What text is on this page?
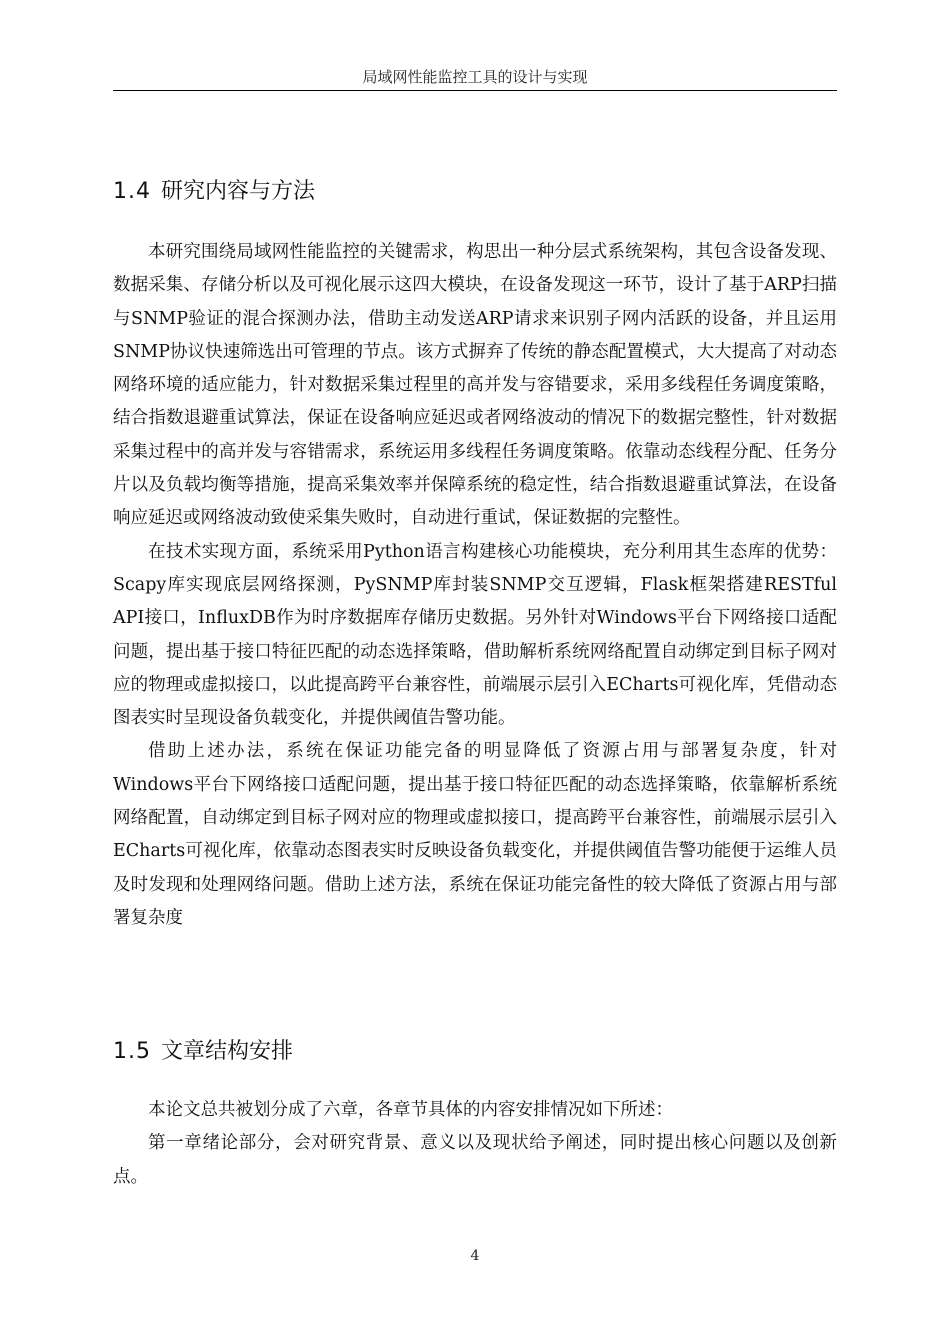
局域网性能监控工具的设计与实现
1.4 研究内容与方法

本研究围绕局域网性能监控的关键需求，构思出一种分层式系统架构，其包含设备发现、数据采集、存储分析以及可视化展示这四大模块，在设备发现这一环节，设计了基于ARP扫描与SNMP验证的混合探测办法，借助主动发送ARP请求来识别子网内活跃的设备，并且运用SNMP协议快速筛选出可管理的节点。该方式摒弃了传统的静态配置模式，大大提高了对动态网络环境的适应能力，针对数据采集过程里的高并发与容错要求，采用多线程任务调度策略，结合指数退避重试算法，保证在设备响应延迟或者网络波动的情况下的数据完整性，针对数据采集过程中的高并发与容错需求，系统运用多线程任务调度策略。依靠动态线程分配、任务分片以及负载均衡等措施，提高采集效率并保障系统的稳定性，结合指数退避重试算法，在设备响应延迟或网络波动致使采集失败时，自动进行重试，保证数据的完整性。

在技术实现方面，系统采用Python语言构建核心功能模块，充分利用其生态库的优势：Scapy库实现底层网络探测，PySNMP库封装SNMP交互逻辑，Flask框架搭建RESTful API接口，InfluxDB作为时序数据库存储历史数据。另外针对Windows平台下网络接口适配问题，提出基于接口特征匹配的动态选择策略，借助解析系统网络配置自动绑定到目标子网对应的物理或虚拟接口，以此提高跨平台兼容性，前端展示层引入ECharts可视化库，凭借动态图表实时呈现设备负载变化，并提供阈值告警功能。

借助上述办法，系统在保证功能完备的明显降低了资源占用与部署复杂度，针对Windows平台下网络接口适配问题，提出基于接口特征匹配的动态选择策略，依靠解析系统网络配置，自动绑定到目标子网对应的物理或虚拟接口，提高跨平台兼容性，前端展示层引入ECharts可视化库，依靠动态图表实时反映设备负载变化，并提供阈值告警功能便于运维人员及时发现和处理网络问题。借助上述方法，系统在保证功能完备性的较大降低了资源占用与部署复杂度

1.5 文章结构安排

本论文总共被划分成了六章，各章节具体的内容安排情况如下所述：

第一章绪论部分，会对研究背景、意义以及现状给予阐述，同时提出核心问题以及创新点。

4
